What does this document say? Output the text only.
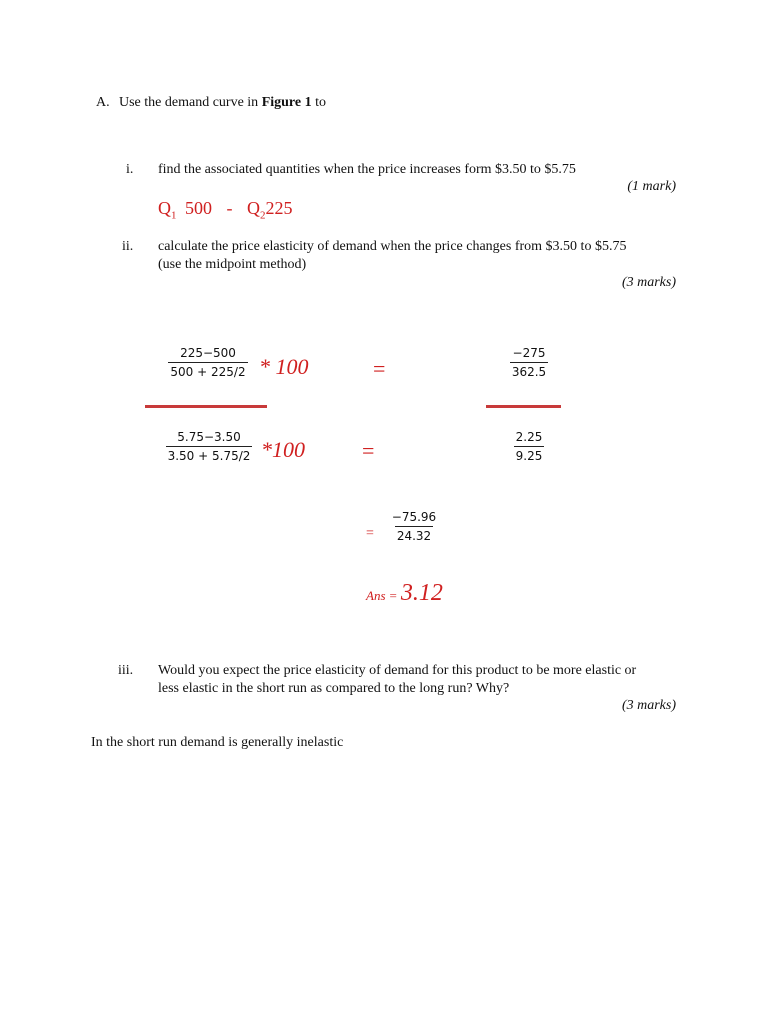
A. Use the demand curve in Figure 1 to
i. find the associated quantities when the price increases form $3.50 to $5.75
(1 mark)
$Q_1$ $500 - Q_2225$
ii. calculate the price elasticity of demand when the price changes from $3.50 to $5.75
(use the midpoint method)
(3 marks)
$\frac{225-500}{500 + 225/2} * 100$	=	$\frac{-275}{362.5}$
$\frac{5.75-3.50}{3.50 + 5.75/2} *100$	=	$\frac{2.25}{9.25}$
= $\frac{-75.96}{24.32}$
Ans = 3.12
iii. Would you expect the price elasticity of demand for this product to be more elastic or
less elastic in the short run as compared to the long run? Why?
(3 marks)
In the short run demand is generally inelastic
